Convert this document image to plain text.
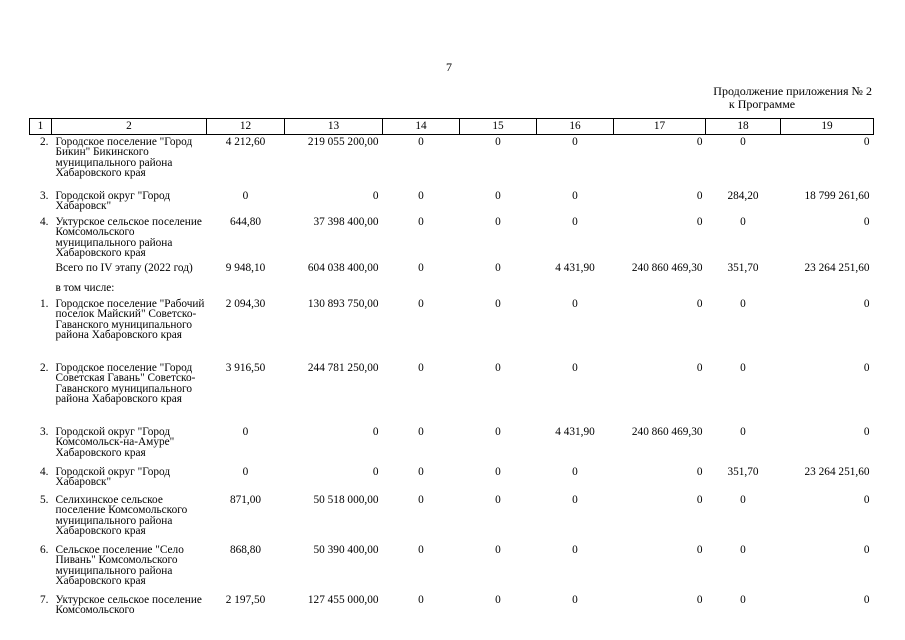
7
Продолжение приложения № 2
к Программе
1	2	12	13	14	15	16	17	18	19
2.	Городское поселение "Город Бикин" Бикинского муниципального района Хабаровского края	4 212,60	219 055 200,00	0	0	0	0	0	0
3.	Городской округ "Город Хабаровск"	0	0	0	0	0	0	284,20	18 799 261,60
4.	Уктурское сельское поселение Комсомольского муниципального района Хабаровского края	644,80	37 398 400,00	0	0	0	0	0	0
	Всего по IV этапу (2022 год)	9 948,10	604 038 400,00	0	0	4 431,90	240 860 469,30	351,70	23 264 251,60
	в том числе:								
1.	Городское поселение "Рабочий поселок Майский" Советско-Гаванского муниципального района Хабаровского края	2 094,30	130 893 750,00	0	0	0	0	0	0
2.	Городское поселение "Город Советская Гавань" Советско-Гаванского муниципального района Хабаровского края	3 916,50	244 781 250,00	0	0	0	0	0	0
3.	Городской округ "Город Комсомольск-на-Амуре" Хабаровского края	0	0	0	0	4 431,90	240 860 469,30	0	0
4.	Городской округ "Город Хабаровск"	0	0	0	0	0	0	351,70	23 264 251,60
5.	Селихинское сельское поселение Комсомольского муниципального района Хабаровского края	871,00	50 518 000,00	0	0	0	0	0	0
6.	Сельское поселение "Село Пивань" Комсомольского муниципального района Хабаровского края	868,80	50 390 400,00	0	0	0	0	0	0
7.	Уктурское сельское поселение Комсомольского	2 197,50	127 455 000,00	0	0	0	0	0	0
